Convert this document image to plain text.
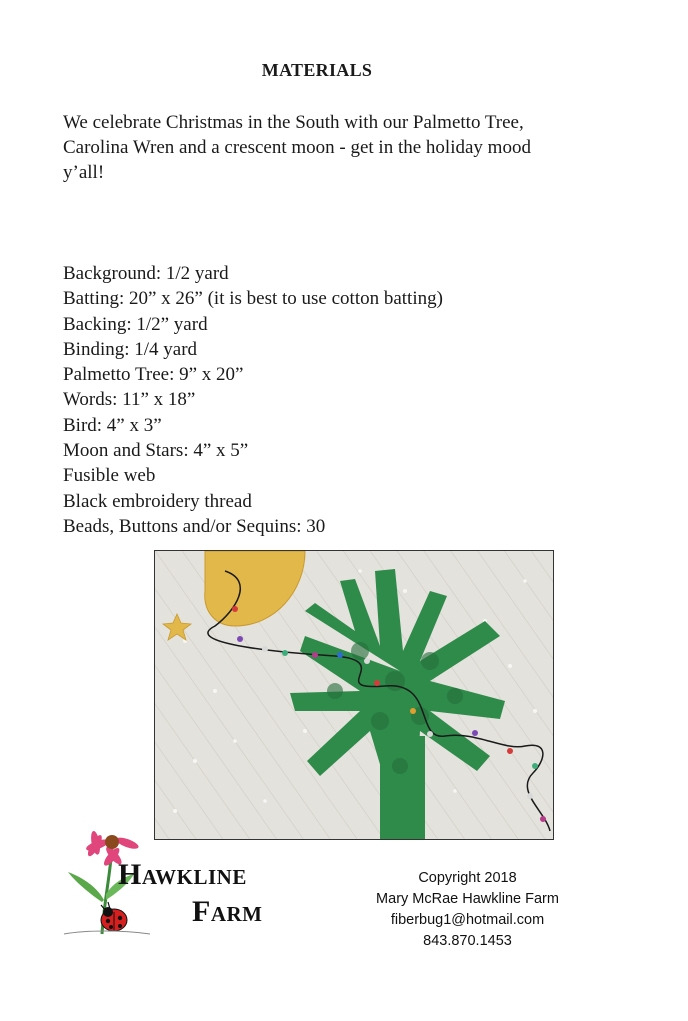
MATERIALS

We celebrate Christmas in the South with our Palmetto Tree, Carolina Wren and a crescent moon - get in the holiday mood y’all!

Background: 1/2 yard
Batting: 20” x 26” (it is best to use cotton batting)
Backing: 1/2” yard
Binding: 1/4 yard
Palmetto Tree: 9” x 20”
Words: 11” x 18”
Bird: 4” x 3”
Moon and Stars: 4” x 5”
Fusible web
Black embroidery thread
Beads, Buttons and/or Sequins: 30
Hawkline
Farm
Copyright 2018
Mary McRae Hawkline Farm
fiberbug1@hotmail.com
843.870.1453
